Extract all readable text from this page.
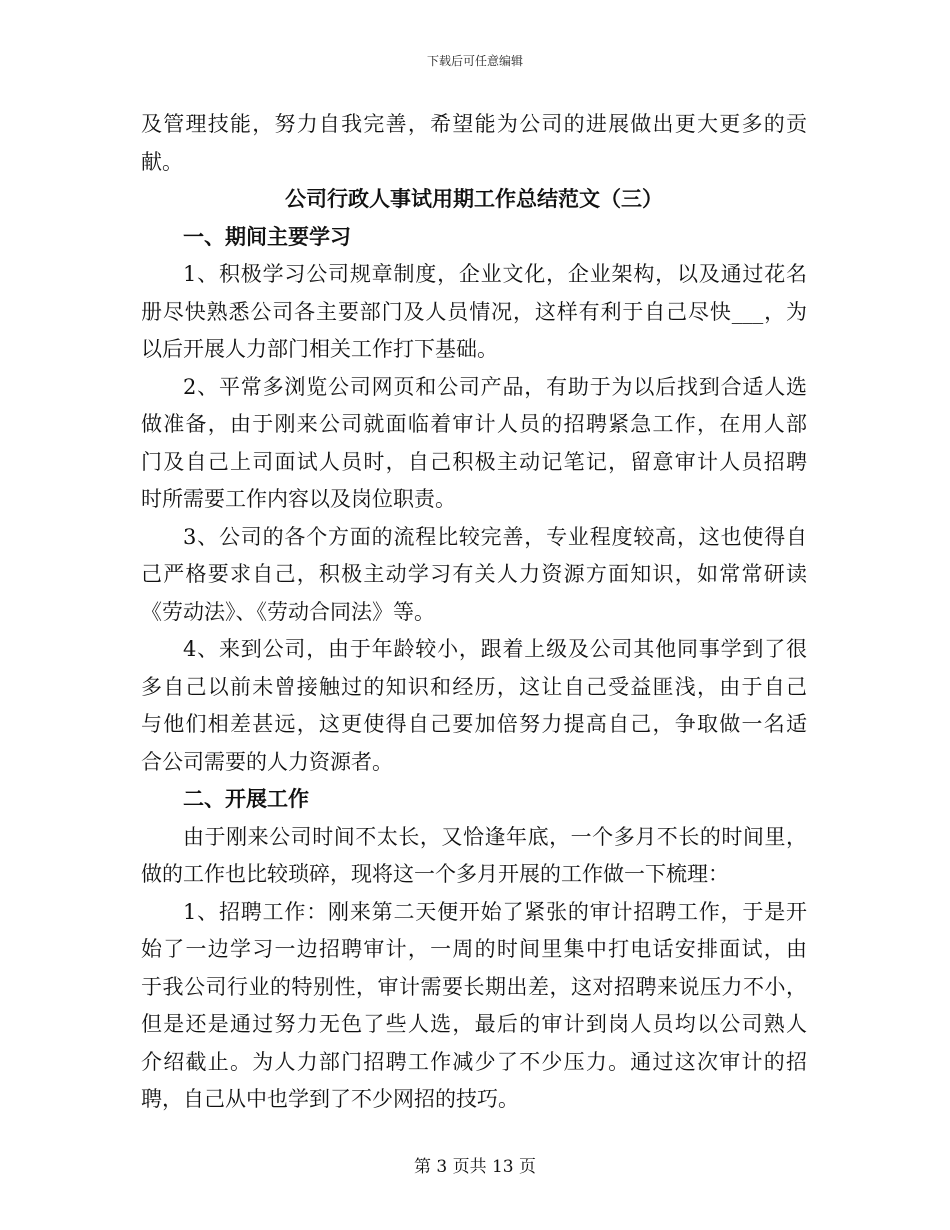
下载后可任意编辑
及管理技能，努力自我完善，希望能为公司的进展做出更大更多的贡
献。
公司行政人事试用期工作总结范文（三）
一、期间主要学习
1、积极学习公司规章制度，企业文化，企业架构，以及通过花名
册尽快熟悉公司各主要部门及人员情况，这样有利于自己尽快___，为
以后开展人力部门相关工作打下基础。
2、平常多浏览公司网页和公司产品，有助于为以后找到合适人选
做准备，由于刚来公司就面临着审计人员的招聘紧急工作，在用人部
门及自己上司面试人员时，自己积极主动记笔记，留意审计人员招聘
时所需要工作内容以及岗位职责。
3、公司的各个方面的流程比较完善，专业程度较高，这也使得自
己严格要求自己，积极主动学习有关人力资源方面知识，如常常研读
《劳动法》、《劳动合同法》等。
4、来到公司，由于年龄较小，跟着上级及公司其他同事学到了很
多自己以前未曾接触过的知识和经历，这让自己受益匪浅，由于自己
与他们相差甚远，这更使得自己要加倍努力提高自己，争取做一名适
合公司需要的人力资源者。
二、开展工作
由于刚来公司时间不太长，又恰逢年底，一个多月不长的时间里，
做的工作也比较琐碎，现将这一个多月开展的工作做一下梳理：
1、招聘工作：刚来第二天便开始了紧张的审计招聘工作，于是开
始了一边学习一边招聘审计，一周的时间里集中打电话安排面试，由
于我公司行业的特别性，审计需要长期出差，这对招聘来说压力不小，
但是还是通过努力无色了些人选，最后的审计到岗人员均以公司熟人
介绍截止。为人力部门招聘工作减少了不少压力。通过这次审计的招
聘，自己从中也学到了不少网招的技巧。
第 3 页共 13 页
